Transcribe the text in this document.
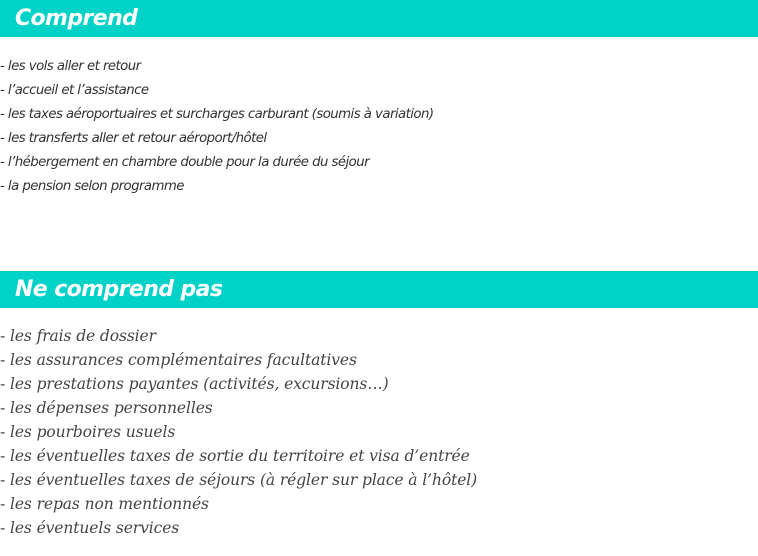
Comprend
- les vols aller et retour
- l’accueil et l’assistance
- les taxes aéroportuaires et surcharges carburant (soumis à variation)
- les transferts aller et retour aéroport/hôtel
- l’hébergement en chambre double pour la durée du séjour
- la pension selon programme
Ne comprend pas
- les frais de dossier
- les assurances complémentaires facultatives
- les prestations payantes (activités, excursions…)
- les dépenses personnelles
- les pourboires usuels
- les éventuelles taxes de sortie du territoire et visa d’entrée
- les éventuelles taxes de séjours (à régler sur place à l’hôtel)
- les repas non mentionnés
- les éventuels services
